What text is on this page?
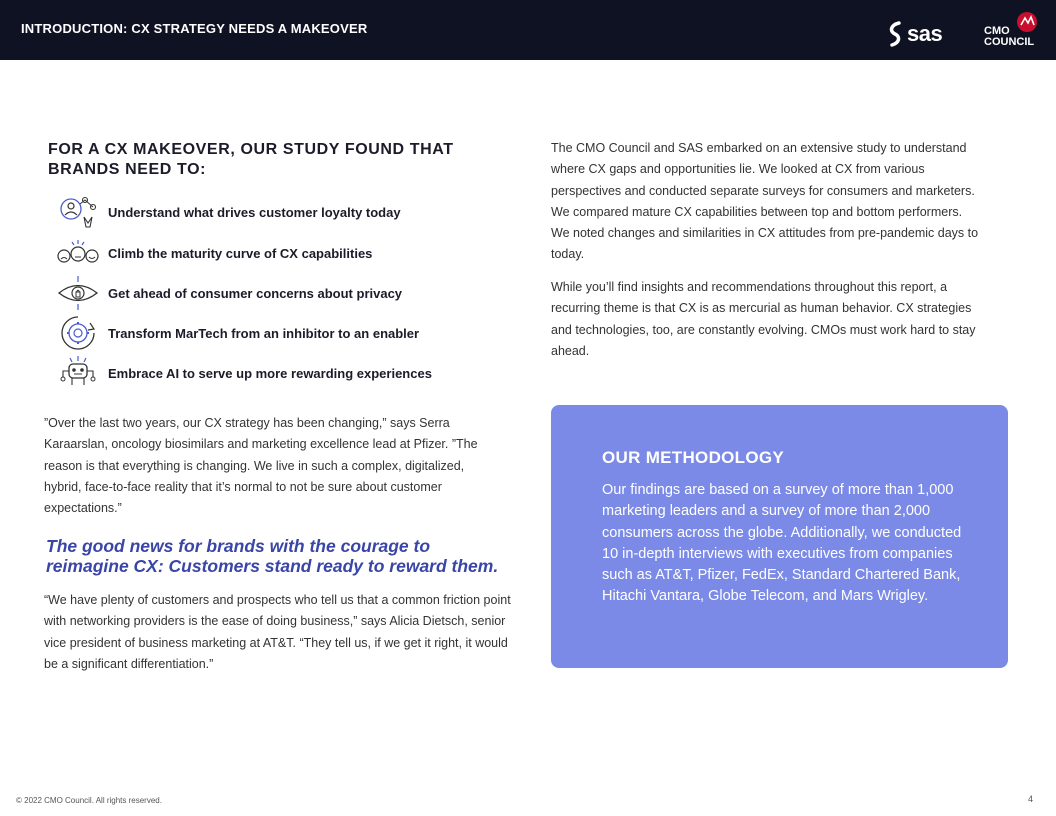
INTRODUCTION: CX STRATEGY NEEDS A MAKEOVER	sas	CMO
COUNCIL
FOR A CX MAKEOVER, OUR STUDY FOUND THAT
BRANDS NEED TO:
Understand what drives customer loyalty today
Climb the maturity curve of CX capabilities
Get ahead of consumer concerns about privacy
Transform MarTech from an inhibitor to an enabler
Embrace AI to serve up more rewarding experiences

”Over the last two years, our CX strategy has been changing,” says Serra Karaarslan, oncology biosimilars and marketing excellence lead at Pfizer. ”The reason is that everything is changing. We live in such a complex, digitalized, hybrid, face-to-face reality that it’s normal to not be sure about customer expectations.”

The good news for brands with the courage to reimagine CX: Customers stand ready to reward them.

“We have plenty of customers and prospects who tell us that a common friction point with networking providers is the ease of doing business,” says Alicia Dietsch, senior vice president of business marketing at AT&T. “They tell us, if we get it right, it would be a significant differentiation.”

The CMO Council and SAS embarked on an extensive study to understand where CX gaps and opportunities lie. We looked at CX from various perspectives and conducted separate surveys for consumers and marketers. We compared mature CX capabilities between top and bottom performers. We noted changes and similarities in CX attitudes from pre-pandemic days to today.

While you’ll find insights and recommendations throughout this report, a recurring theme is that CX is as mercurial as human behavior. CX strategies and technologies, too, are constantly evolving. CMOs must work hard to stay ahead.

OUR METHODOLOGY

Our findings are based on a survey of more than 1,000 marketing leaders and a survey of more than 2,000 consumers across the globe. Additionally, we conducted 10 in-depth interviews with executives from companies such as AT&T, Pfizer, FedEx, Standard Chartered Bank, Hitachi Vantara, Globe Telecom, and Mars Wrigley.

© 2022 CMO Council. All rights reserved.	4
